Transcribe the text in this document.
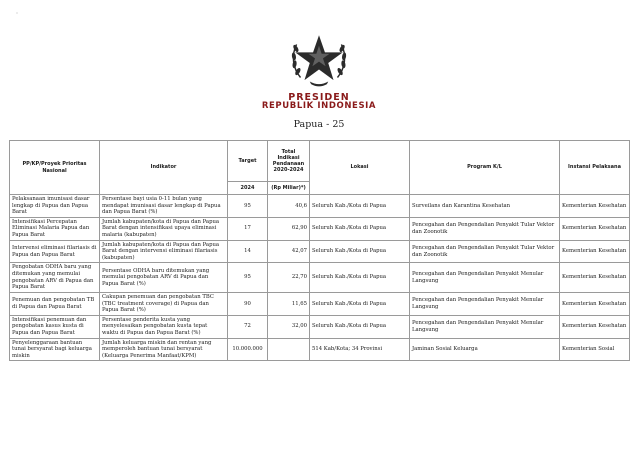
PRESIDEN
REPUBLIK INDONESIA
Papua - 25
PP/KP/Proyek Prioritas Nasional	Indikator	Target	Total Indikasi Pendanaan 2020-2024	Lokasi	Program K/L	Instansi Pelaksana
		2024	(Rp Miliar)*)			
Pelaksanaan imunisasi dasar lengkap di Papua dan Papua Barat	Persentase bayi usia 0-11 bulan yang mendapat imunisasi dasar lengkap di Papua dan Papua Barat (%)	95	40,6	Seluruh Kab./Kota di Papua	Surveilans dan Karantina Kesehatan	Kementerian Kesehatan
Intensifikasi Percepatan Eliminasi Malaria Papua dan Papua Barat	Jumlah kabupaten/kota di Papua dan Papua Barat dengan intensifikasi upaya eliminasi malaria (kabupaten)	17	62,90	Seluruh Kab./Kota di Papua	Pencegahan dan Pengendalian Penyakit Tular Vektor dan Zoonotik	Kementerian Kesehatan
Intervensi eliminasi filariasis di Papua dan Papua Barat	Jumlah kabupaten/kota di Papua dan Papua Barat dengan intervensi eliminasi filariasis (kabupaten)	14	42,07	Seluruh Kab./Kota di Papua	Pencegahan dan Pengendalian Penyakit Tular Vektor dan Zoonotik	Kementerian Kesehatan
Pengobatan ODHA baru yang ditemukan yang memulai pengobatan ARV di Papua dan Papua Barat	Persentase ODHA baru ditemukan yang memulai pengobatan ARV di Papua dan Papua Barat (%)	95	22,70	Seluruh Kab./Kota di Papua	Pencegahan dan Pengendalian Penyakit Menular Langsung	Kementerian Kesehatan
Penemuan dan pengobatan TB di Papua dan Papua Barat	Cakupan penemuan dan pengobatan TBC (TBC treatment coverage) di Papua dan Papua Barat (%)	90	11,65	Seluruh Kab./Kota di Papua	Pencegahan dan Pengendalian Penyakit Menular Langsung	Kementerian Kesehatan
Intensifikasi penemuan dan pengobatan kasus kusta di Papua dan Papua Barat	Persentase penderita kusta yang menyelesaikan pengobatan kusta tepat waktu di Papua dan Papua Barat (%)	72	32,00	Seluruh Kab./Kota di Papua	Pencegahan dan Pengendalian Penyakit Menular Langsung	Kementerian Kesehatan
Penyelenggaraan bantuan tunai bersyarat bagi keluarga miskin	Jumlah keluarga miskin dan rentan yang memperoleh bantuan tunai bersyarat (Keluarga Penerima Manfaat/KPM)	10.000.000		514 Kab/Kota; 34 Provinsi	Jaminan Sosial Keluarga	Kementerian Sosial
